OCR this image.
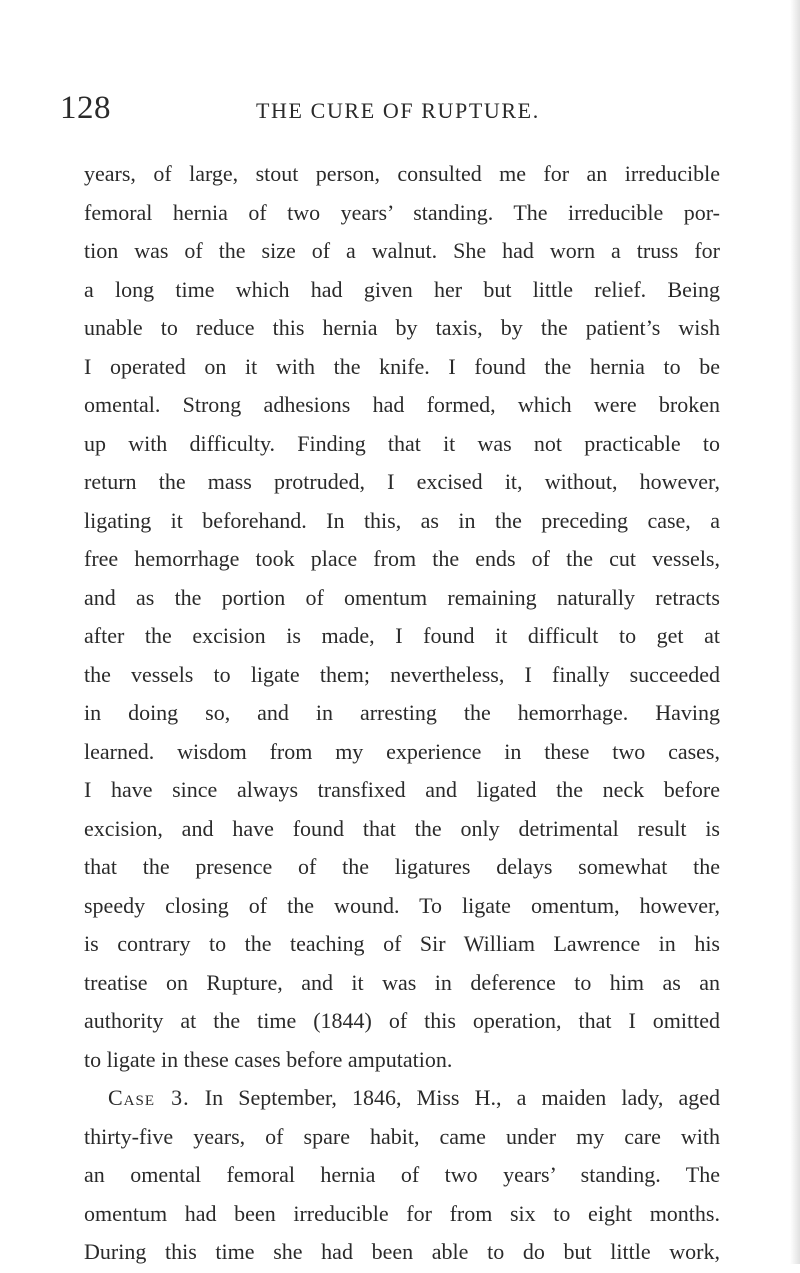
128	THE CURE OF RUPTURE.
years, of large, stout person, consulted me for an irreducible
femoral hernia of two years’ standing. The irreducible por-
tion was of the size of a walnut. She had worn a truss for
a long time which had given her but little relief. Being
unable to reduce this hernia by taxis, by the patient’s wish
I operated on it with the knife. I found the hernia to be
omental. Strong adhesions had formed, which were broken
up with difficulty. Finding that it was not practicable to
return the mass protruded, I excised it, without, however,
ligating it beforehand. In this, as in the preceding case, a
free hemorrhage took place from the ends of the cut vessels,
and as the portion of omentum remaining naturally retracts
after the excision is made, I found it difficult to get at
the vessels to ligate them; nevertheless, I finally succeeded
in doing so, and in arresting the hemorrhage. Having
learned. wisdom from my experience in these two cases,
I have since always transfixed and ligated the neck before
excision, and have found that the only detrimental result is
that the presence of the ligatures delays somewhat the
speedy closing of the wound. To ligate omentum, however,
is contrary to the teaching of Sir William Lawrence in his
treatise on Rupture, and it was in deference to him as an
authority at the time (1844) of this operation, that I omitted
to ligate in these cases before amputation.
Case 3. In September, 1846, Miss H., a maiden lady, aged
thirty-five years, of spare habit, came under my care with
an omental femoral hernia of two years’ standing. The
omentum had been irreducible for from six to eight months.
During this time she had been able to do but little work,
